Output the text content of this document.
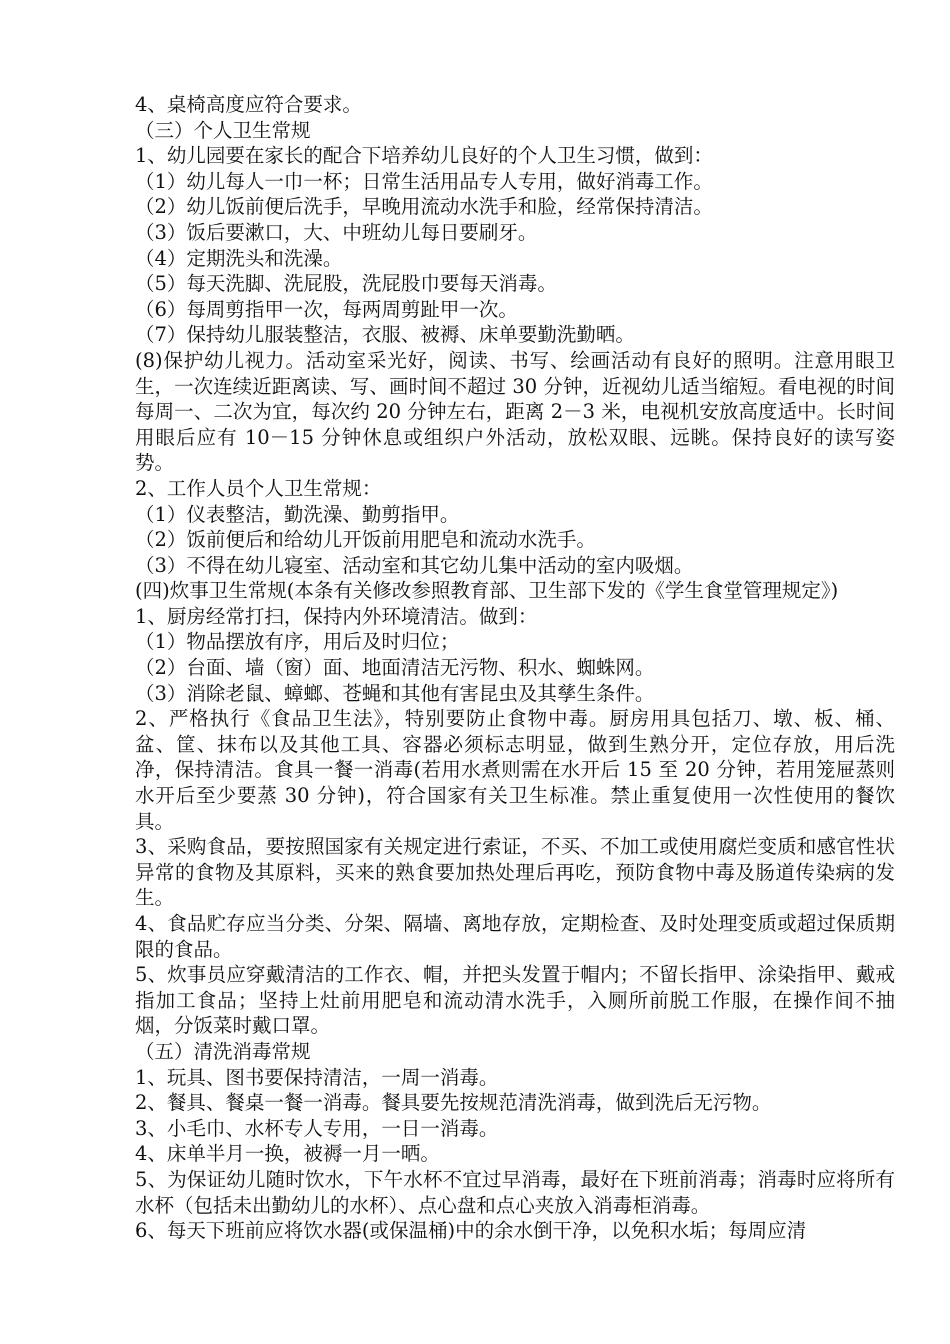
4、桌椅高度应符合要求。

（三）个人卫生常规

1、幼儿园要在家长的配合下培养幼儿良好的个人卫生习惯，做到：

（1）幼儿每人一巾一杯；日常生活用品专人专用，做好消毒工作。

（2）幼儿饭前便后洗手，早晚用流动水洗手和脸，经常保持清洁。

（3）饭后要漱口，大、中班幼儿每日要刷牙。

（4）定期洗头和洗澡。

（5）每天洗脚、洗屁股，洗屁股巾要每天消毒。

（6）每周剪指甲一次，每两周剪趾甲一次。

（7）保持幼儿服装整洁，衣服、被褥、床单要勤洗勤晒。

(8)保护幼儿视力。活动室采光好，阅读、书写、绘画活动有良好的照明。注意用眼卫生，一次连续近距离读、写、画时间不超过 30 分钟，近视幼儿适当缩短。看电视的时间每周一、二次为宜，每次约 20 分钟左右，距离 2－3 米，电视机安放高度适中。长时间用眼后应有 10－15 分钟休息或组织户外活动，放松双眼、远眺。保持良好的读写姿势。

2、工作人员个人卫生常规：

（1）仪表整洁，勤洗澡、勤剪指甲。

（2）饭前便后和给幼儿开饭前用肥皂和流动水洗手。

（3）不得在幼儿寝室、活动室和其它幼儿集中活动的室内吸烟。

(四)炊事卫生常规(本条有关修改参照教育部、卫生部下发的《学生食堂管理规定》)

1、厨房经常打扫，保持内外环境清洁。做到：

（1）物品摆放有序，用后及时归位；

（2）台面、墙（窗）面、地面清洁无污物、积水、蜘蛛网。

（3）消除老鼠、蟑螂、苍蝇和其他有害昆虫及其孳生条件。

2、严格执行《食品卫生法》，特别要防止食物中毒。厨房用具包括刀、墩、板、桶、盆、筐、抹布以及其他工具、容器必须标志明显，做到生熟分开，定位存放，用后洗净，保持清洁。食具一餐一消毒(若用水煮则需在水开后 15 至 20 分钟，若用笼屉蒸则水开后至少要蒸 30 分钟)，符合国家有关卫生标准。禁止重复使用一次性使用的餐饮具。

3、采购食品，要按照国家有关规定进行索证，不买、不加工或使用腐烂变质和感官性状异常的食物及其原料，买来的熟食要加热处理后再吃，预防食物中毒及肠道传染病的发生。

4、食品贮存应当分类、分架、隔墙、离地存放，定期检查、及时处理变质或超过保质期限的食品。

5、炊事员应穿戴清洁的工作衣、帽，并把头发置于帽内；不留长指甲、涂染指甲、戴戒指加工食品；坚持上灶前用肥皂和流动清水洗手，入厕所前脱工作服，在操作间不抽烟，分饭菜时戴口罩。

（五）清洗消毒常规

1、玩具、图书要保持清洁，一周一消毒。

2、餐具、餐桌一餐一消毒。餐具要先按规范清洗消毒，做到洗后无污物。

3、小毛巾、水杯专人专用，一日一消毒。

4、床单半月一换，被褥一月一晒。

5、为保证幼儿随时饮水，下午水杯不宜过早消毒，最好在下班前消毒；消毒时应将所有水杯（包括未出勤幼儿的水杯）、点心盘和点心夹放入消毒柜消毒。

6、每天下班前应将饮水器(或保温桶)中的余水倒干净，以免积水垢；每周应清
